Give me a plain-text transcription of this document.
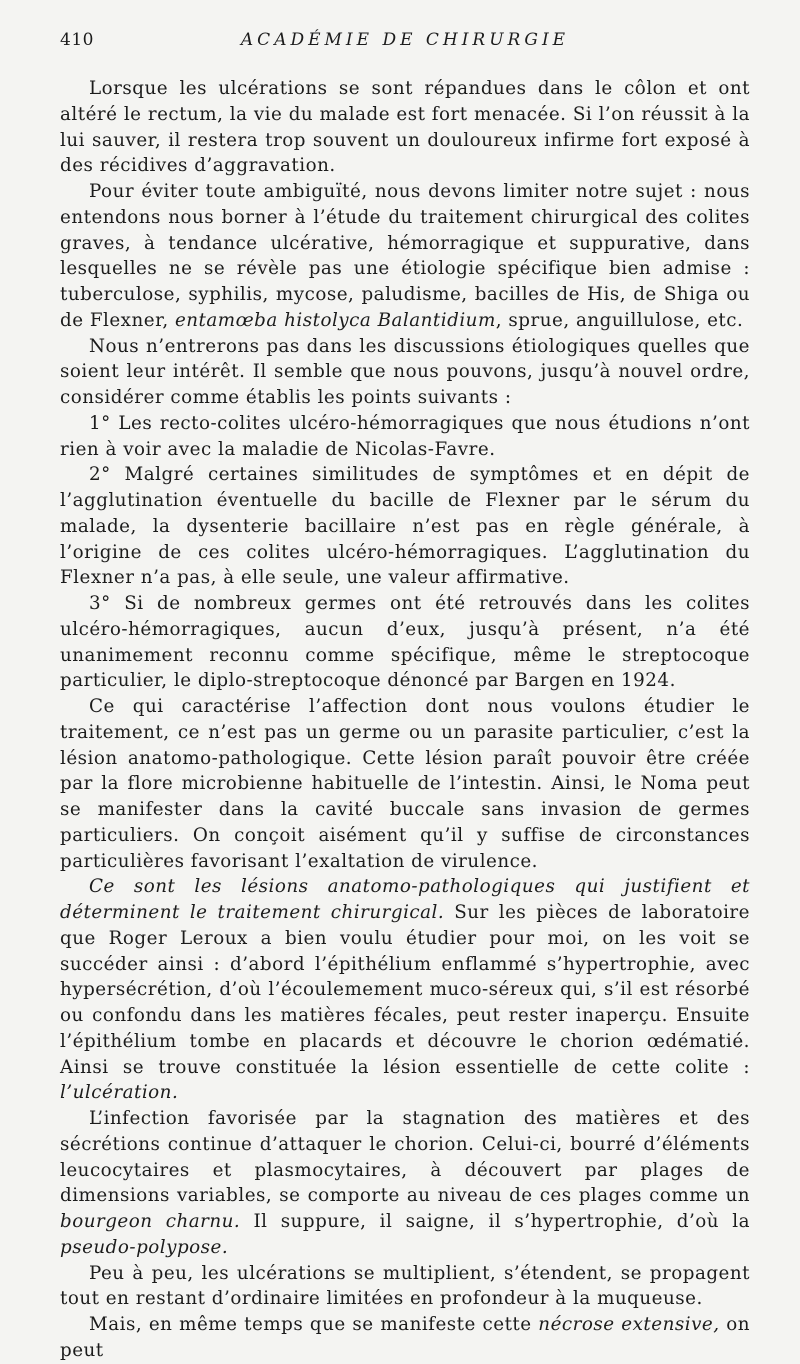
410	ACADÉMIE DE CHIRURGIE

Lorsque les ulcérations se sont répandues dans le côlon et ont altéré le rectum, la vie du malade est fort menacée. Si l’on réussit à la lui sauver, il restera trop souvent un douloureux infirme fort exposé à des récidives d’aggravation.

Pour éviter toute ambiguïté, nous devons limiter notre sujet : nous entendons nous borner à l’étude du traitement chirurgical des colites graves, à tendance ulcérative, hémorragique et suppurative, dans lesquelles ne se révèle pas une étiologie spécifique bien admise : tuberculose, syphilis, mycose, paludisme, bacilles de His, de Shiga ou de Flexner, entamœba histolyca Balantidium, sprue, anguillulose, etc.

Nous n’entrerons pas dans les discussions étiologiques quelles que soient leur intérêt. Il semble que nous pouvons, jusqu’à nouvel ordre, considérer comme établis les points suivants :

1° Les recto-colites ulcéro-hémorragiques que nous étudions n’ont rien à voir avec la maladie de Nicolas-Favre.

2° Malgré certaines similitudes de symptômes et en dépit de l’agglutination éventuelle du bacille de Flexner par le sérum du malade, la dysenterie bacillaire n’est pas en règle générale, à l’origine de ces colites ulcéro-hémorragiques. L’agglutination du Flexner n’a pas, à elle seule, une valeur affirmative.

3° Si de nombreux germes ont été retrouvés dans les colites ulcéro-hémorragiques, aucun d’eux, jusqu’à présent, n’a été unanimement reconnu comme spécifique, même le streptocoque particulier, le diplo-streptocoque dénoncé par Bargen en 1924.

Ce qui caractérise l’affection dont nous voulons étudier le traitement, ce n’est pas un germe ou un parasite particulier, c’est la lésion anatomo-pathologique. Cette lésion paraît pouvoir être créée par la flore microbienne habituelle de l’intestin. Ainsi, le Noma peut se manifester dans la cavité buccale sans invasion de germes particuliers. On conçoit aisément qu’il y suffise de circonstances particulières favorisant l’exaltation de virulence.

Ce sont les lésions anatomo-pathologiques qui justifient et déterminent le traitement chirurgical. Sur les pièces de laboratoire que Roger Leroux a bien voulu étudier pour moi, on les voit se succéder ainsi : d’abord l’épithélium enflammé s’hypertrophie, avec hypersécrétion, d’où l’écoulemement muco-séreux qui, s’il est résorbé ou confondu dans les matières fécales, peut rester inaperçu. Ensuite l’épithélium tombe en placards et découvre le chorion œdématié. Ainsi se trouve constituée la lésion essentielle de cette colite : l’ulcération.

L’infection favorisée par la stagnation des matières et des sécrétions continue d’attaquer le chorion. Celui-ci, bourré d’éléments leucocytaires et plasmocytaires, à découvert par plages de dimensions variables, se comporte au niveau de ces plages comme un bourgeon charnu. Il suppure, il saigne, il s’hypertrophie, d’où la pseudo-polypose.

Peu à peu, les ulcérations se multiplient, s’étendent, se propagent tout en restant d’ordinaire limitées en profondeur à la muqueuse.

Mais, en même temps que se manifeste cette nécrose extensive, on peut
